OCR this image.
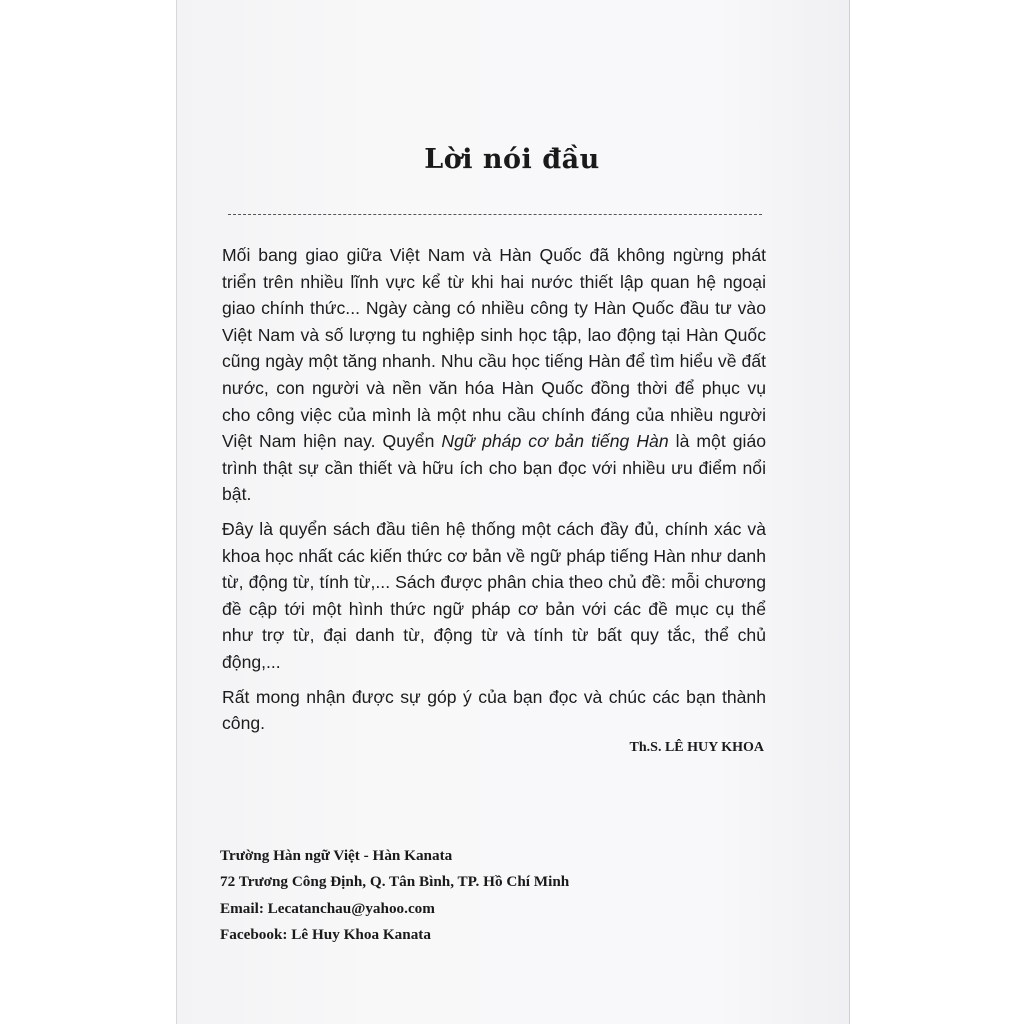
Lời nói đầu

Mối bang giao giữa Việt Nam và Hàn Quốc đã không ngừng phát triển trên nhiều lĩnh vực kể từ khi hai nước thiết lập quan hệ ngoại giao chính thức... Ngày càng có nhiều công ty Hàn Quốc đầu tư vào Việt Nam và số lượng tu nghiệp sinh học tập, lao động tại Hàn Quốc cũng ngày một tăng nhanh. Nhu cầu học tiếng Hàn để tìm hiểu về đất nước, con người và nền văn hóa Hàn Quốc đồng thời để phục vụ cho công việc của mình là một nhu cầu chính đáng của nhiều người Việt Nam hiện nay. Quyển Ngữ pháp cơ bản tiếng Hàn là một giáo trình thật sự cần thiết và hữu ích cho bạn đọc với nhiều ưu điểm nổi bật.

Đây là quyển sách đầu tiên hệ thống một cách đầy đủ, chính xác và khoa học nhất các kiến thức cơ bản về ngữ pháp tiếng Hàn như danh từ, động từ, tính từ,... Sách được phân chia theo chủ đề: mỗi chương đề cập tới một hình thức ngữ pháp cơ bản với các đề mục cụ thể như trợ từ, đại danh từ, động từ và tính từ bất quy tắc, thể chủ động,...

Rất mong nhận được sự góp ý của bạn đọc và chúc các bạn thành công.

Th.S. LÊ HUY KHOA
Trường Hàn ngữ Việt - Hàn Kanata
72 Trương Công Định, Q. Tân Bình, TP. Hồ Chí Minh
Email: Lecatanchau@yahoo.com
Facebook: Lê Huy Khoa Kanata
